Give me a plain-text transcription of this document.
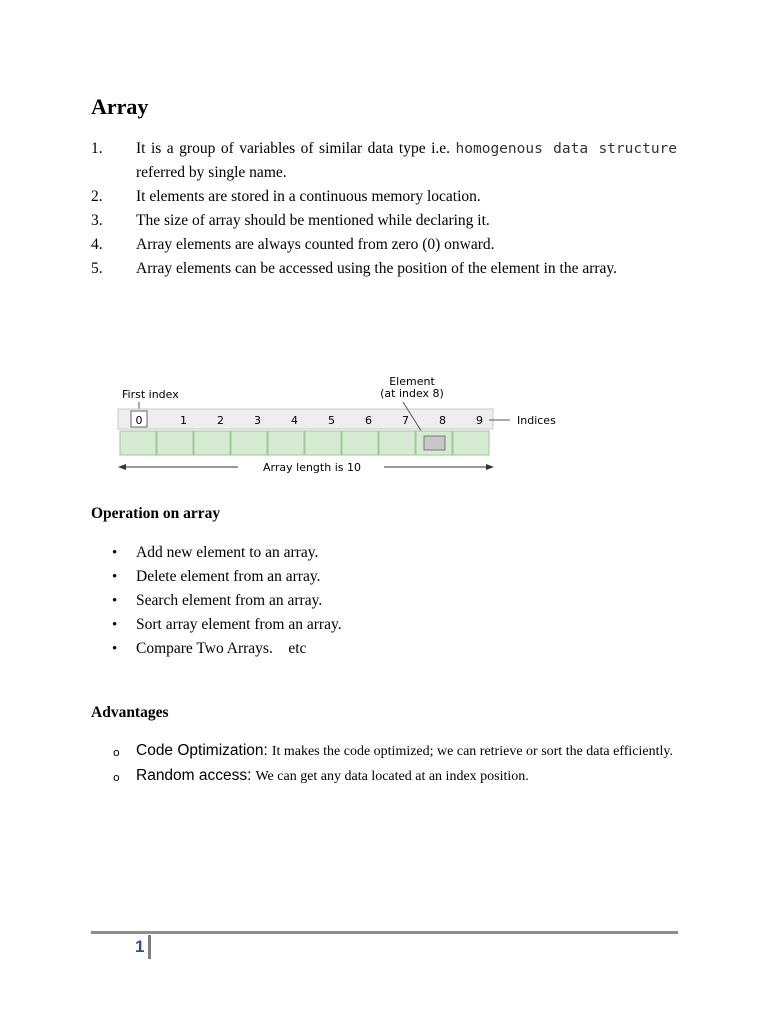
Array
1. It is a group of variables of similar data type i.e. homogenous data structure referred by single name.
2. It elements are stored in a continuous memory location.
3. The size of array should be mentioned while declaring it.
4. Array elements are always counted from zero (0) onward.
5. Array elements can be accessed using the position of the element in the array.
First index
Element
(at index 8)
0	1	2	3	4	5	6	7	8	9	Indices
Array length is 10
Operation on array
• Add new element to an array.
• Delete element from an array.
• Search element from an array.
• Sort array element from an array.
• Compare Two Arrays.    etc
Advantages
o Code Optimization: It makes the code optimized; we can retrieve or sort the data efficiently.
o Random access: We can get any data located at an index position.
1
